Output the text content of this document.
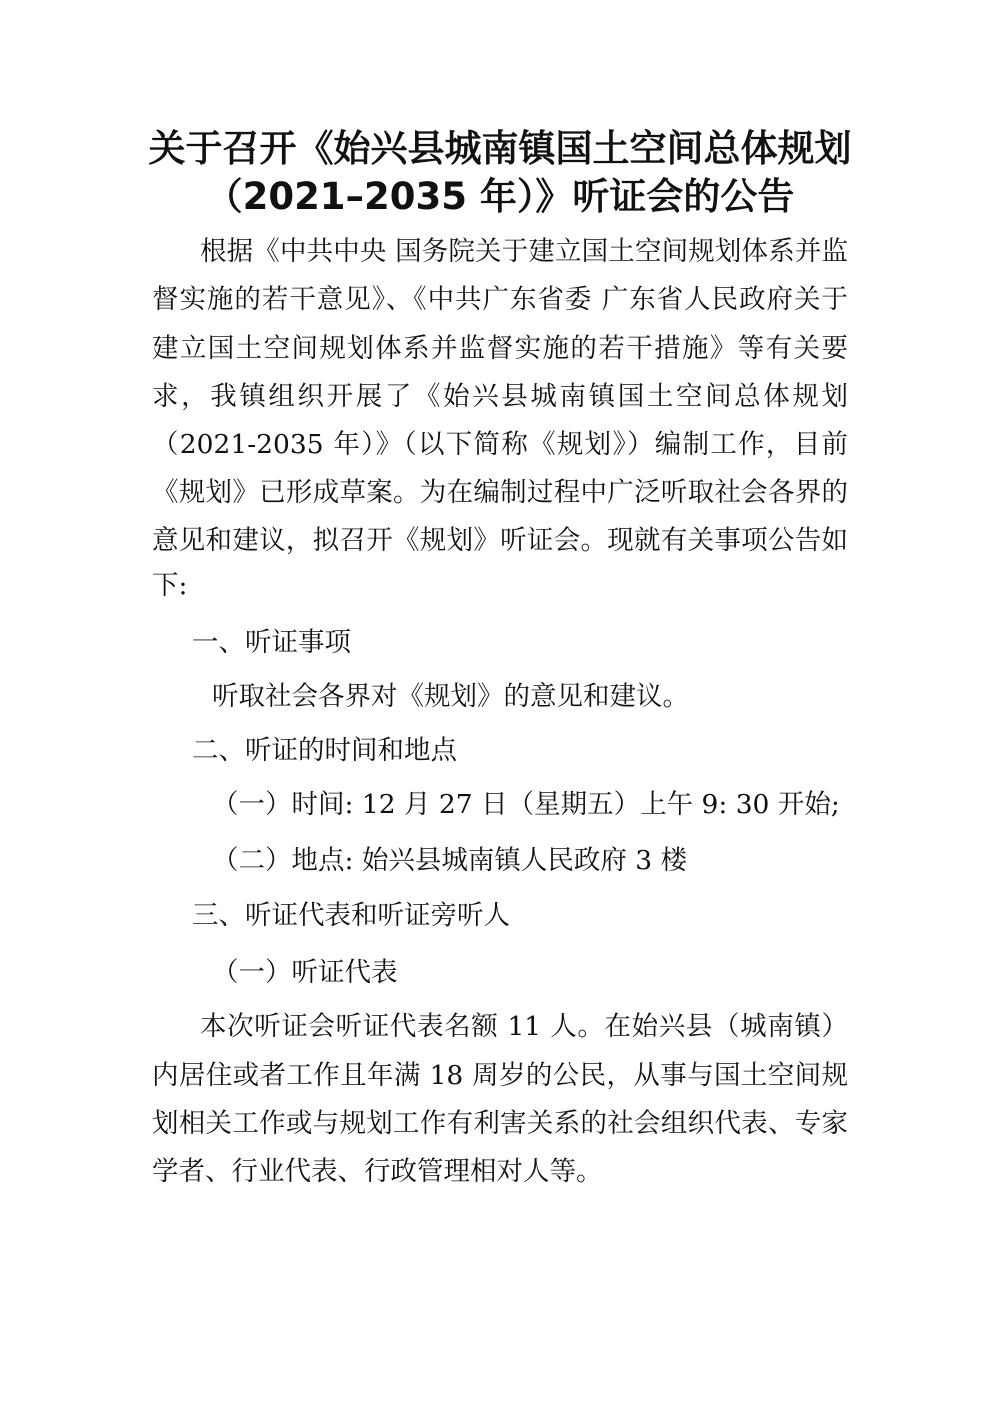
关于召开《始兴县城南镇国土空间总体规划
（2021–2035 年）》听证会的公告

根据《中共中央 国务院关于建立国土空间规划体系并监

督实施的若干意见》、《中共广东省委 广东省人民政府关于

建立国土空间规划体系并监督实施的若干措施》等有关要

求，我镇组织开展了《始兴县城南镇国土空间总体规划

（2021-2035 年）》（以下简称《规划》）编制工作，目前

《规划》已形成草案。为在编制过程中广泛听取社会各界的

意见和建议，拟召开《规划》听证会。现就有关事项公告如

下:

一、听证事项

听取社会各界对《规划》的意见和建议。

二、听证的时间和地点

（一）时间: 12 月 27 日（星期五）上午 9: 30 开始;

（二）地点: 始兴县城南镇人民政府 3 楼

三、听证代表和听证旁听人

（一）听证代表

本次听证会听证代表名额 11 人。在始兴县（城南镇）

内居住或者工作且年满 18 周岁的公民，从事与国土空间规

划相关工作或与规划工作有利害关系的社会组织代表、专家

学者、行业代表、行政管理相对人等。
